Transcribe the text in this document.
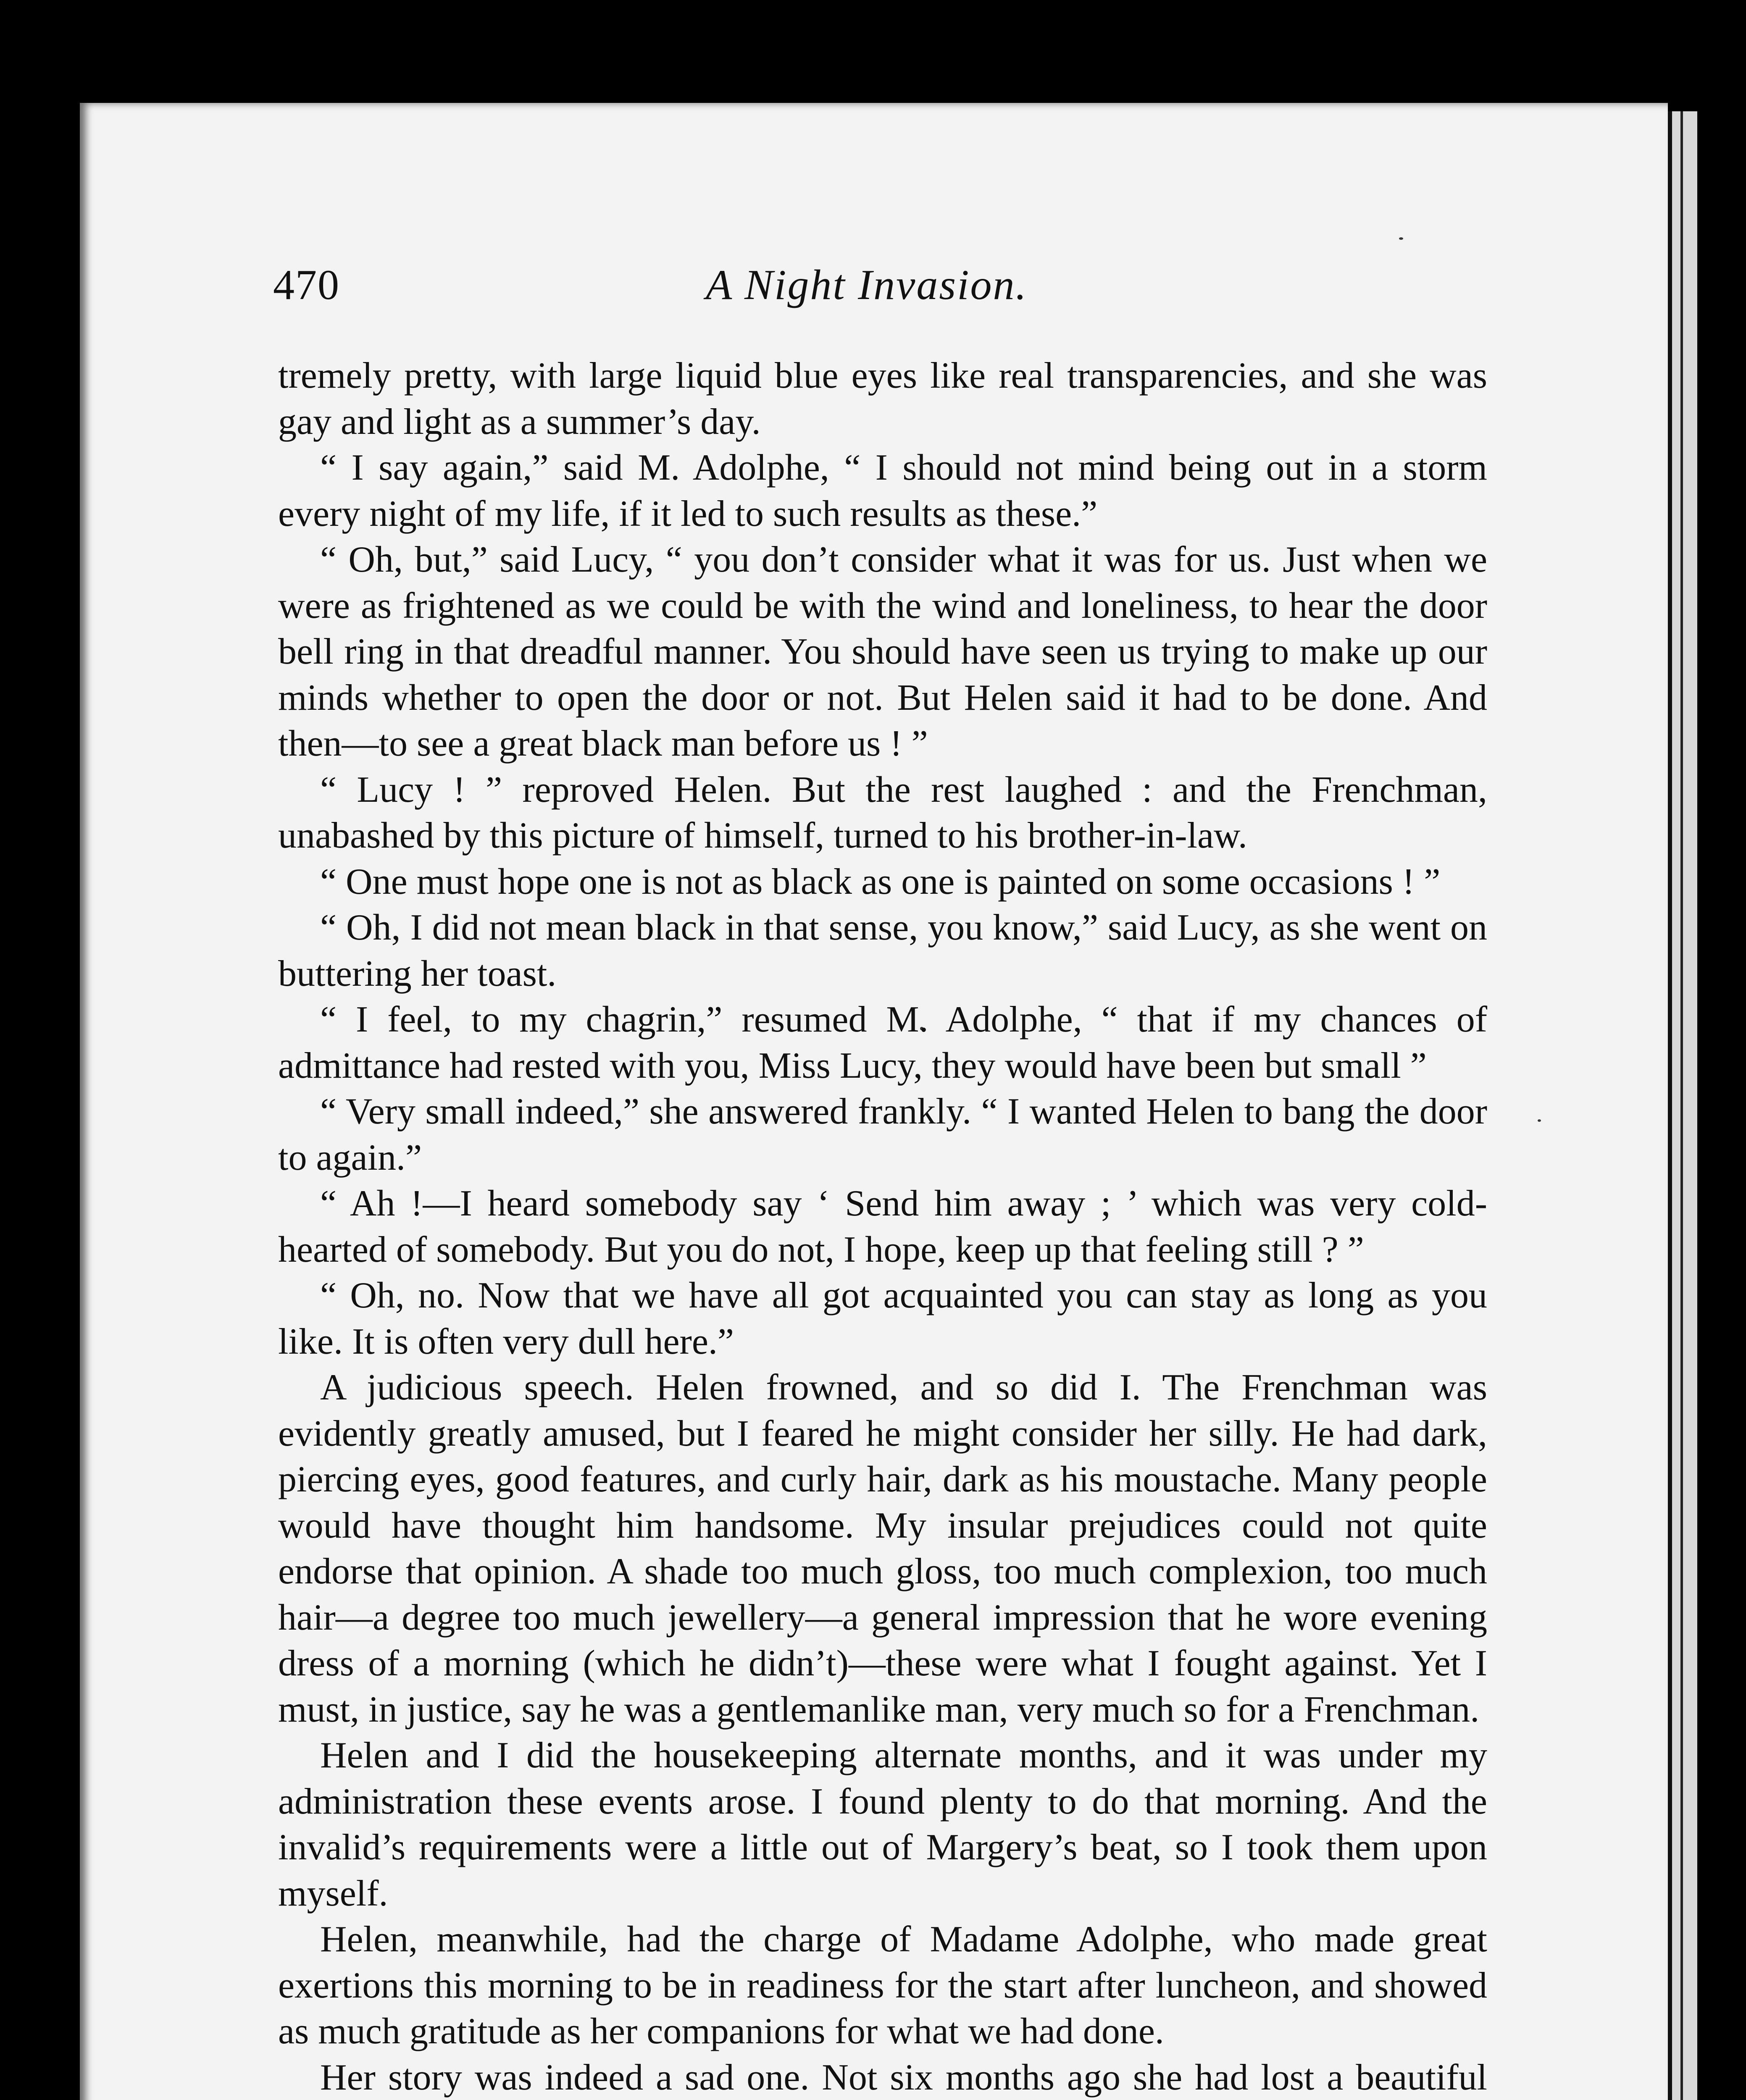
470	A Night Invasion.

tremely pretty, with large liquid blue eyes like real transparencies, and she was gay and light as a summer’s day.

“ I say again,” said M. Adolphe, “ I should not mind being out in a storm every night of my life, if it led to such results as these.”

“ Oh, but,” said Lucy, “ you don’t consider what it was for us. Just when we were as frightened as we could be with the wind and loneliness, to hear the door bell ring in that dreadful manner. You should have seen us trying to make up our minds whether to open the door or not. But Helen said it had to be done. And then—to see a great black man before us ! ”

“ Lucy ! ” reproved Helen. But the rest laughed : and the Frenchman, unabashed by this picture of himself, turned to his brother-in-law.

“ One must hope one is not as black as one is painted on some occasions ! ”

“ Oh, I did not mean black in that sense, you know,” said Lucy, as she went on buttering her toast.

“ I feel, to my chagrin,” resumed M. Adolphe, “ that if my chances of admittance had rested with you, Miss Lucy, they would have been but small ”

“ Very small indeed,” she answered frankly. “ I wanted Helen to bang the door to again.”

“ Ah !—I heard somebody say ‘ Send him away ; ’ which was very cold-hearted of somebody. But you do not, I hope, keep up that feeling still ? ”

“ Oh, no. Now that we have all got acquainted you can stay as long as you like. It is often very dull here.”

A judicious speech. Helen frowned, and so did I. The Frenchman was evidently greatly amused, but I feared he might consider her silly. He had dark, piercing eyes, good features, and curly hair, dark as his moustache. Many people would have thought him handsome. My insular prejudices could not quite endorse that opinion. A shade too much gloss, too much complexion, too much hair—a degree too much jewellery—a general impression that he wore evening dress of a morning (which he didn’t)—these were what I fought against. Yet I must, in justice, say he was a gentlemanlike man, very much so for a Frenchman.

Helen and I did the housekeeping alternate months, and it was under my administration these events arose. I found plenty to do that morning. And the invalid’s requirements were a little out of Margery’s beat, so I took them upon myself.

Helen, meanwhile, had the charge of Madame Adolphe, who made great exertions this morning to be in readiness for the start after luncheon, and showed as much gratitude as her companions for what we had done.

Her story was indeed a sad one. Not six months ago she had lost a beautiful
